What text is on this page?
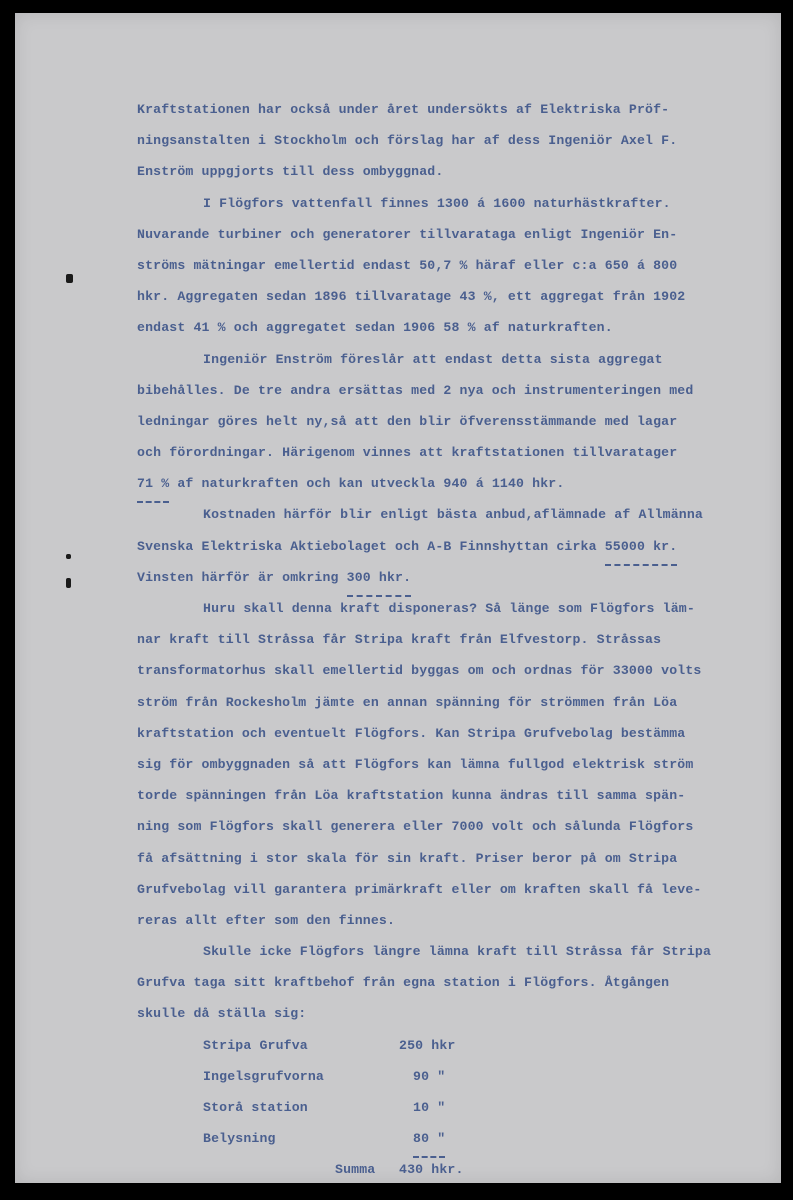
Kraftstationen har också under året undersökts af Elektriska Pröf-
ningsanstalten i Stockholm och förslag har af dess Ingeniör Axel F.
Enström uppgjorts till dess ombyggnad.
I Flögfors vattenfall finnes 1300 á 1600 naturhästkrafter.
Nuvarande turbiner och generatorer tillvarataga enligt Ingeniör En-
ströms mätningar emellertid endast 50,7 % häraf eller c:a 650 á 800
hkr. Aggregaten sedan 1896 tillvaratage 43 %, ett aggregat från 1902
endast 41 % och aggregatet sedan 1906 58 % af naturkraften.
Ingeniör Enström föreslår att endast detta sista aggregat
bibehålles. De tre andra ersättas med 2 nya och instrumenteringen med
ledningar göres helt ny,så att den blir öfverensstämmande med lagar
och förordningar. Härigenom vinnes att kraftstationen tillvaratager
71 % af naturkraften och kan utveckla 940 á 1140 hkr.
Kostnaden härför blir enligt bästa anbud,aflämnade af Allmänna
Svenska Elektriska Aktiebolaget och A-B Finnshyttan cirka 55000 kr.
Vinsten härför är omkring 300 hkr.
Huru skall denna kraft disponeras? Så länge som Flögfors läm-
nar kraft till Stråssa får Stripa kraft från Elfvestorp. Stråssas
transformatorhus skall emellertid byggas om och ordnas för 33000 volts
ström från Rockesholm jämte en annan spänning för strömmen från Löa
kraftstation och eventuelt Flögfors. Kan Stripa Grufvebolag bestämma
sig för ombyggnaden så att Flögfors kan lämna fullgod elektrisk ström
torde spänningen från Löa kraftstation kunna ändras till samma spän-
ning som Flögfors skall generera eller 7000 volt och sålunda Flögfors
få afsättning i stor skala för sin kraft. Priser beror på om Stripa
Grufvebolag vill garantera primärkraft eller om kraften skall få leve-
reras allt efter som den finnes.
Skulle icke Flögfors längre lämna kraft till Stråssa får Stripa
Grufva taga sitt kraftbehof från egna station i Flögfors. Åtgången
skulle då ställa sig:
Stripa Grufva	250 hkr
Ingelsgrufvorna	90 "
Storå station	10 "
Belysning	80 "
Summa 430 hkr.
